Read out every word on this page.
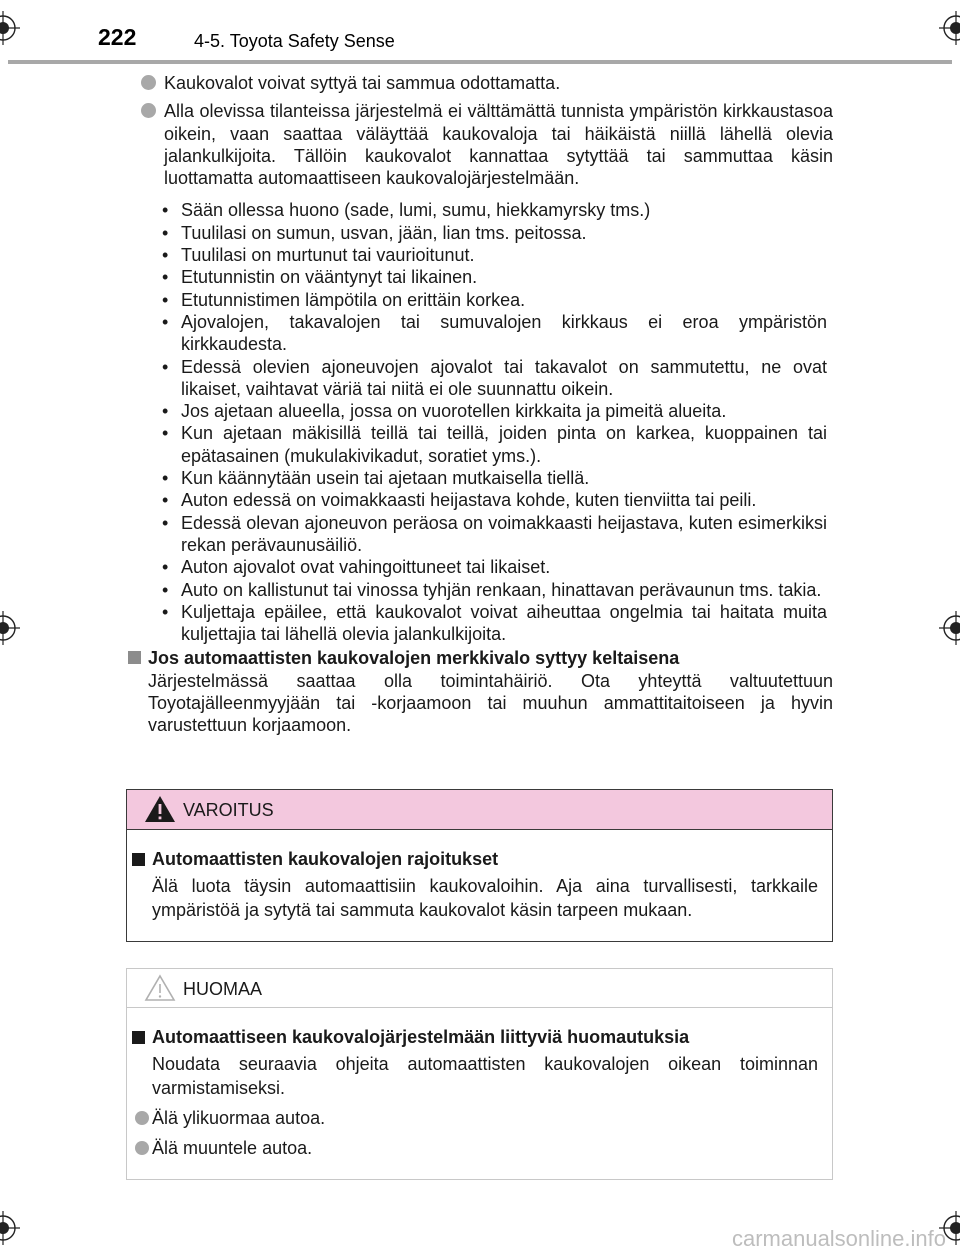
222	4-5. Toyota Safety Sense
Kaukovalot voivat syttyä tai sammua odottamatta.
Alla olevissa tilanteissa järjestelmä ei välttämättä tunnista ympäristön kirkkaustasoa oikein, vaan saattaa väläyttää kaukovaloja tai häikäistä niillä lähellä olevia jalankulkijoita. Tällöin kaukovalot kannattaa sytyttää tai sammuttaa käsin luottamatta automaattiseen kaukovalojärjestelmään.
• Sään ollessa huono (sade, lumi, sumu, hiekkamyrsky tms.)
• Tuulilasi on sumun, usvan, jään, lian tms. peitossa.
• Tuulilasi on murtunut tai vaurioitunut.
• Etutunnistin on vääntynyt tai likainen.
• Etutunnistimen lämpötila on erittäin korkea.
• Ajovalojen, takavalojen tai sumuvalojen kirkkaus ei eroa ympäristön kirkkaudesta.
• Edessä olevien ajoneuvojen ajovalot tai takavalot on sammutettu, ne ovat likaiset, vaihtavat väriä tai niitä ei ole suunnattu oikein.
• Jos ajetaan alueella, jossa on vuorotellen kirkkaita ja pimeitä alueita.
• Kun ajetaan mäkisillä teillä tai teillä, joiden pinta on karkea, kuoppainen tai epätasainen (mukulakivikadut, soratiet yms.).
• Kun käännytään usein tai ajetaan mutkaisella tiellä.
• Auton edessä on voimakkaasti heijastava kohde, kuten tienviitta tai peili.
• Edessä olevan ajoneuvon peräosa on voimakkaasti heijastava, kuten esimerkiksi rekan perävaunusäiliö.
• Auton ajovalot ovat vahingoittuneet tai likaiset.
• Auto on kallistunut tai vinossa tyhjän renkaan, hinattavan perävaunun tms. takia.
• Kuljettaja epäilee, että kaukovalot voivat aiheuttaa ongelmia tai haitata muita kuljettajia tai lähellä olevia jalankulkijoita.
Jos automaattisten kaukovalojen merkkivalo syttyy keltaisena
Järjestelmässä saattaa olla toimintahäiriö. Ota yhteyttä valtuutettuun Toyotajälleenmyyjään tai -korjaamoon tai muuhun ammattitaitoiseen ja hyvin varustettuun korjaamoon.
VAROITUS
Automaattisten kaukovalojen rajoitukset
Älä luota täysin automaattisiin kaukovaloihin. Aja aina turvallisesti, tarkkaile ympäristöä ja sytytä tai sammuta kaukovalot käsin tarpeen mukaan.
HUOMAA
Automaattiseen kaukovalojärjestelmään liittyviä huomautuksia
Noudata seuraavia ohjeita automaattisten kaukovalojen oikean toiminnan varmistamiseksi.
Älä ylikuormaa autoa.
Älä muuntele autoa.
carmanualsonline.info
